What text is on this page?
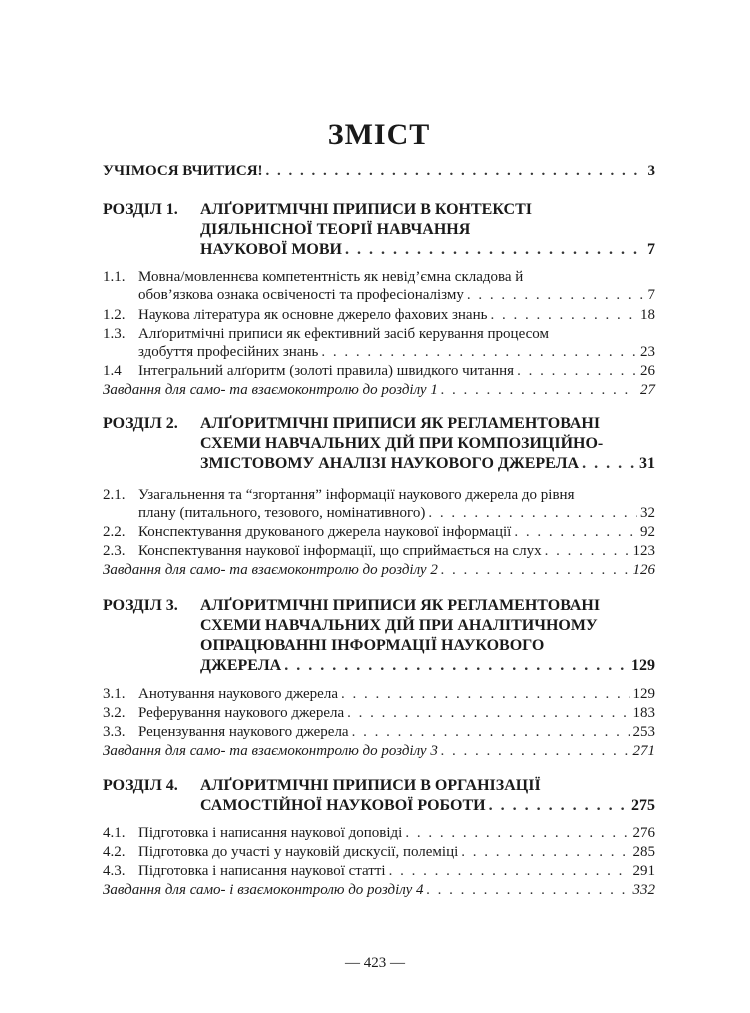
ЗМІСТ
УЧІМОСЯ ВЧИТИСЯ! . . .	3
РОЗДІЛ 1.	АЛҐОРИТМІЧНІ ПРИПИСИ В КОНТЕКСТІ
ДІЯЛЬНІСНОЇ ТЕОРІЇ НАВЧАННЯ
НАУКОВОЇ МОВИ . . .	7
1.1. Мовна/мовленнєва компетентність як невід’ємна складова й
обов’язкова ознака освіченості та професіоналізму . . .	7
1.2. Наукова література як основне джерело фахових знань . . .	18
1.3. Алґоритмічні приписи як ефективний засіб керування процесом
здобуття професійних знань . . .	23
1.4	Інтегральний алґоритм (золоті правила) швидкого читання . . .	26
Завдання для само- та взаємоконтролю до розділу 1 . . .	27
РОЗДІЛ 2.	АЛҐОРИТМІЧНІ ПРИПИСИ ЯК РЕГЛАМЕНТОВАНІ
СХЕМИ НАВЧАЛЬНИХ ДІЙ ПРИ КОМПОЗИЦІЙНО-
ЗМІСТОВОМУ АНАЛІЗІ НАУКОВОГО ДЖЕРЕЛА . . .	31
2.1. Узагальнення та “згортання” інформації наукового джерела до рівня
плану (питального, тезового, номінативного) . . .	32
2.2. Конспектування друкованого джерела наукової інформації . . .	92
2.3. Конспектування наукової інформації, що сприймається на слух . . .	123
Завдання для само- та взаємоконтролю до розділу 2 . . .	126
РОЗДІЛ 3.	АЛҐОРИТМІЧНІ ПРИПИСИ ЯК РЕГЛАМЕНТОВАНІ
СХЕМИ НАВЧАЛЬНИХ ДІЙ ПРИ АНАЛІТИЧНОМУ
ОПРАЦЮВАННІ ІНФОРМАЦІЇ НАУКОВОГО
ДЖЕРЕЛА . . .	129
3.1. Анотування наукового джерела . . .	129
3.2. Реферування наукового джерела . . .	183
3.3. Рецензування наукового джерела . . .	253
Завдання для само- та взаємоконтролю до розділу 3 . . .	271
РОЗДІЛ 4.	АЛҐОРИТМІЧНІ ПРИПИСИ В ОРГАНІЗАЦІЇ
САМОСТІЙНОЇ НАУКОВОЇ РОБОТИ . . .	275
4.1. Підготовка і написання наукової доповіді . . .	276
4.2. Підготовка до участі у науковій дискусії, полеміці . . .	285
4.3. Підготовка і написання наукової статті . . .	291
Завдання для само- і взаємоконтролю до розділу 4 . . .	332
— 423 —
